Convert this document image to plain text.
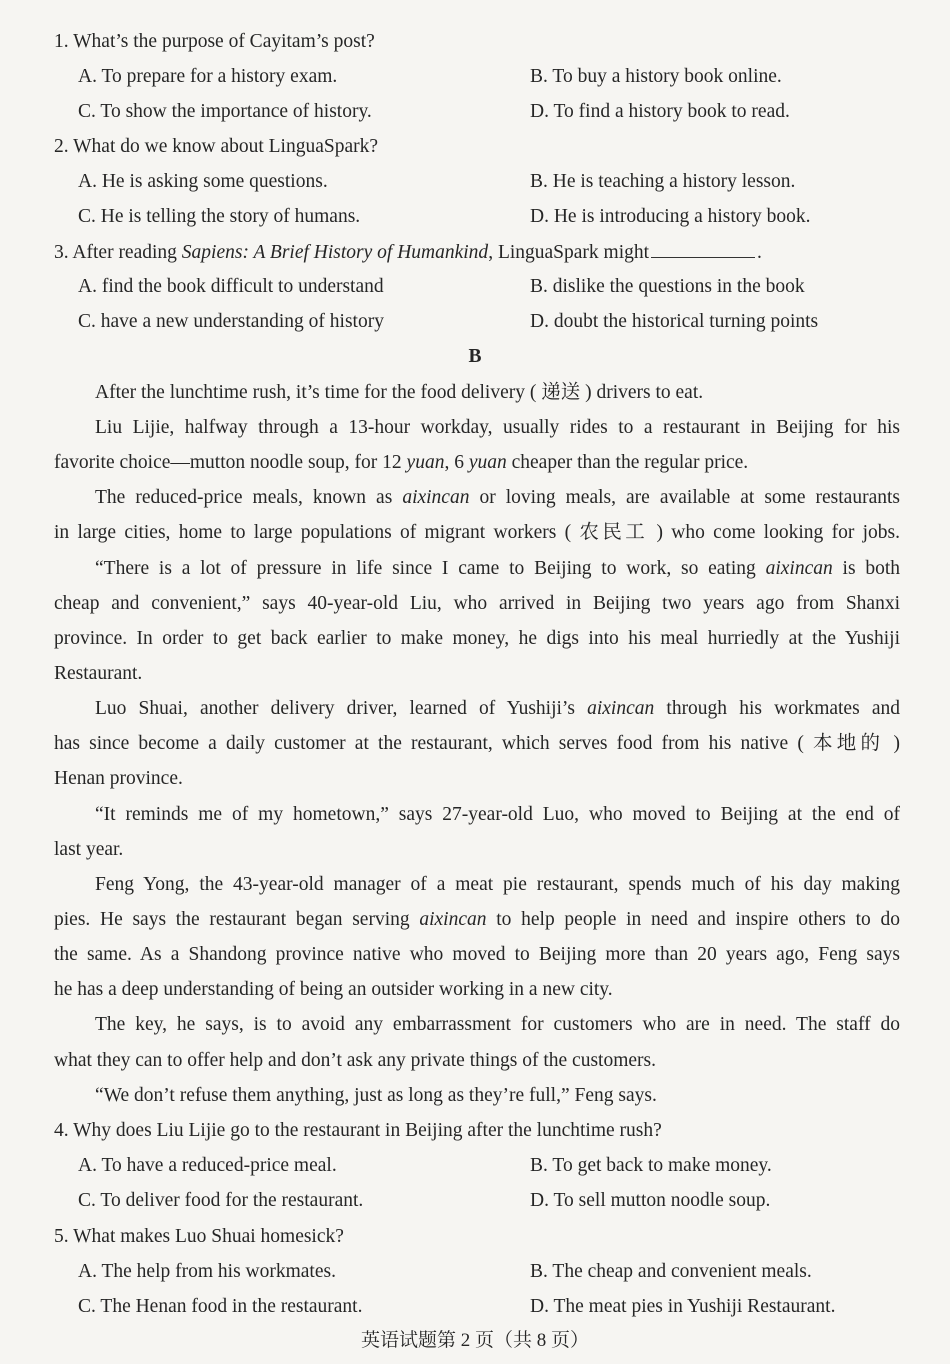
1. What’s the purpose of Cayitam’s post?
A. To prepare for a history exam.	B. To buy a history book online.
C. To show the importance of history.	D. To find a history book to read.
2. What do we know about LinguaSpark?
A. He is asking some questions.	B. He is teaching a history lesson.
C. He is telling the story of humans.	D. He is introducing a history book.
3. After reading Sapiens: A Brief History of Humankind, LinguaSpark might	.
A. find the book difficult to understand	B. dislike the questions in the book
C. have a new understanding of history	D. doubt the historical turning points
B
After the lunchtime rush, it’s time for the food delivery ( 递送 ) drivers to eat.
Liu Lijie, halfway through a 13-hour workday, usually rides to a restaurant in Beijing for his
favorite choice—mutton noodle soup, for 12 yuan, 6 yuan cheaper than the regular price.
The reduced-price meals, known as aixincan or loving meals, are available at some restaurants
in large cities, home to large populations of migrant workers ( 农民工 ) who come looking for jobs.
“There is a lot of pressure in life since I came to Beijing to work, so eating aixincan is both
cheap and convenient,” says 40-year-old Liu, who arrived in Beijing two years ago from Shanxi
province. In order to get back earlier to make money, he digs into his meal hurriedly at the Yushiji
Restaurant.
Luo Shuai, another delivery driver, learned of Yushiji’s aixincan through his workmates and
has since become a daily customer at the restaurant, which serves food from his native ( 本地的 )
Henan province.
“It reminds me of my hometown,” says 27-year-old Luo, who moved to Beijing at the end of
last year.
Feng Yong, the 43-year-old manager of a meat pie restaurant, spends much of his day making
pies. He says the restaurant began serving aixincan to help people in need and inspire others to do
the same. As a Shandong province native who moved to Beijing more than 20 years ago, Feng says
he has a deep understanding of being an outsider working in a new city.
The key, he says, is to avoid any embarrassment for customers who are in need. The staff do
what they can to offer help and don’t ask any private things of the customers.
“We don’t refuse them anything, just as long as they’re full,” Feng says.
4. Why does Liu Lijie go to the restaurant in Beijing after the lunchtime rush?
A. To have a reduced-price meal.	B. To get back to make money.
C. To deliver food for the restaurant.	D. To sell mutton noodle soup.
5. What makes Luo Shuai homesick?
A. The help from his workmates.	B. The cheap and convenient meals.
C. The Henan food in the restaurant.	D. The meat pies in Yushiji Restaurant.
英语试题第 2 页（共 8 页）
